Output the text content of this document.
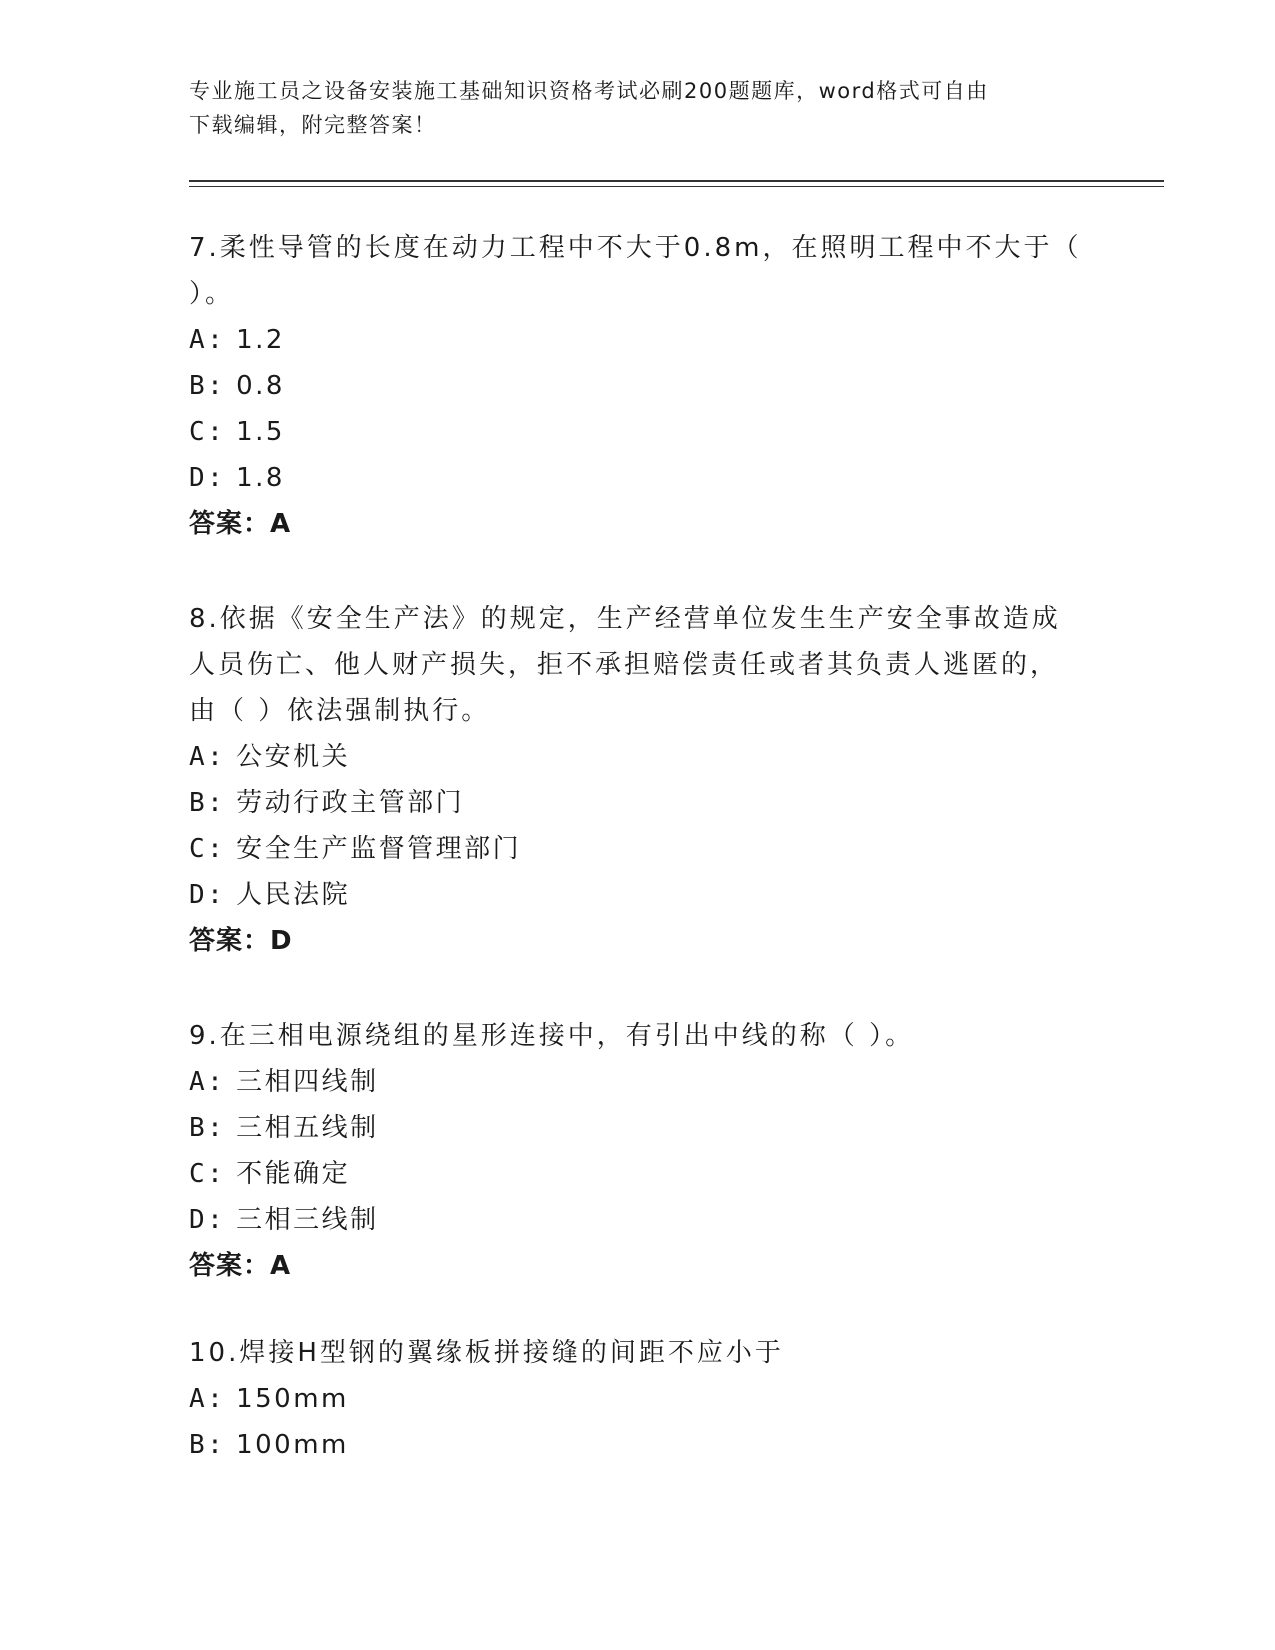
专业施工员之设备安装施工基础知识资格考试必刷200题题库，word格式可自由
下载编辑，附完整答案！
7.柔性导管的长度在动力工程中不大于0.8m，在照明工程中不大于（
）。
A: 1.2
B: 0.8
C: 1.5
D: 1.8
答案：A
8.依据《安全生产法》的规定，生产经营单位发生生产安全事故造成
人员伤亡、他人财产损失，拒不承担赔偿责任或者其负责人逃匿的，
由（ ）依法强制执行。
A: 公安机关
B: 劳动行政主管部门
C: 安全生产监督管理部门
D: 人民法院
答案：D
9.在三相电源绕组的星形连接中，有引出中线的称（ ）。
A: 三相四线制
B: 三相五线制
C: 不能确定
D: 三相三线制
答案：A
10.焊接H型钢的翼缘板拼接缝的间距不应小于
A: 150mm
B: 100mm
